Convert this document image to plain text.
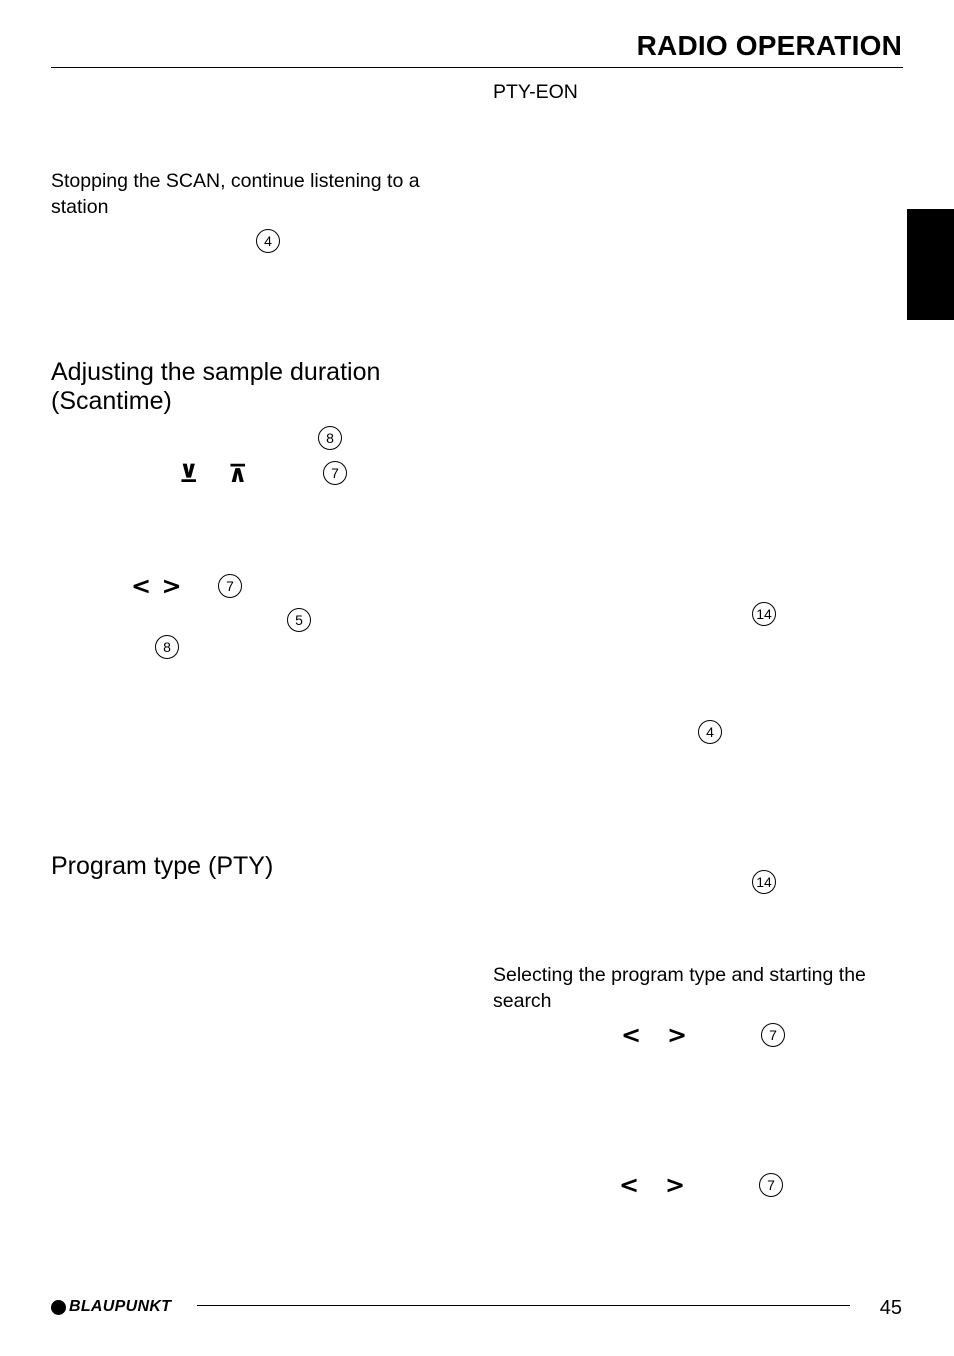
RADIO OPERATION
Stopping the SCAN, continue listening to a station
4
Adjusting the sample duration (Scantime)
8
⊻ ⊼	7
< >	7
5
8
Program type (PTY)
PTY-EON
14
4
14
Selecting the program type and starting the search
< >	7
< >	7
BLAUPUNKT	45
